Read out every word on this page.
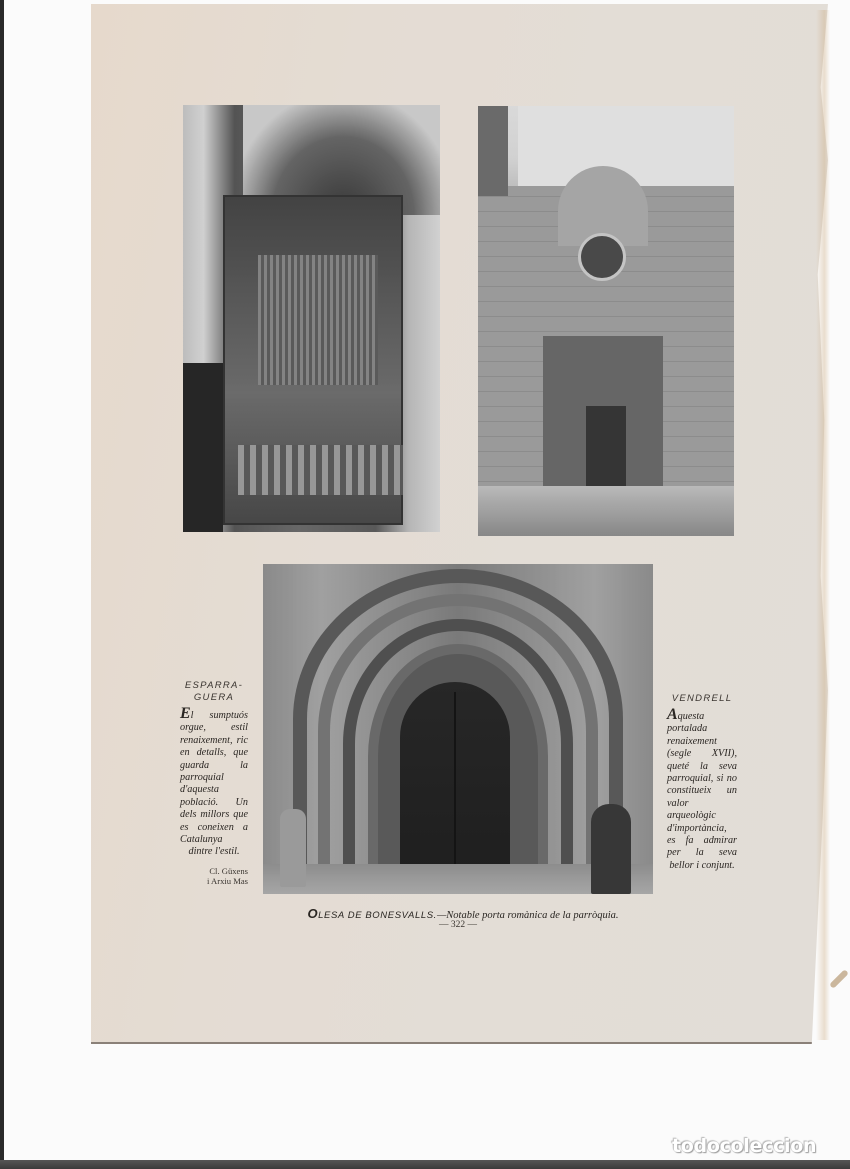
ESPARRA-
GUERA
El sumptuós orgue, estil renaixement, ric en detalls, que guarda la parroquial d'aquesta població. Un dels millors que es coneixen a Catalunya dintre l'estil.
Cl. Güxens
i Arxiu Mas
VENDRELL
Aquesta portalada renaixement (segle XVII), queté la seva parroquial, si no constitueix un valor arqueològic d'importància, es fa admirar per la seva bellor i conjunt.
OLESA DE BONESVALLS.—Notable porta romànica de la parròquia.
— 322 —
todocoleccion
